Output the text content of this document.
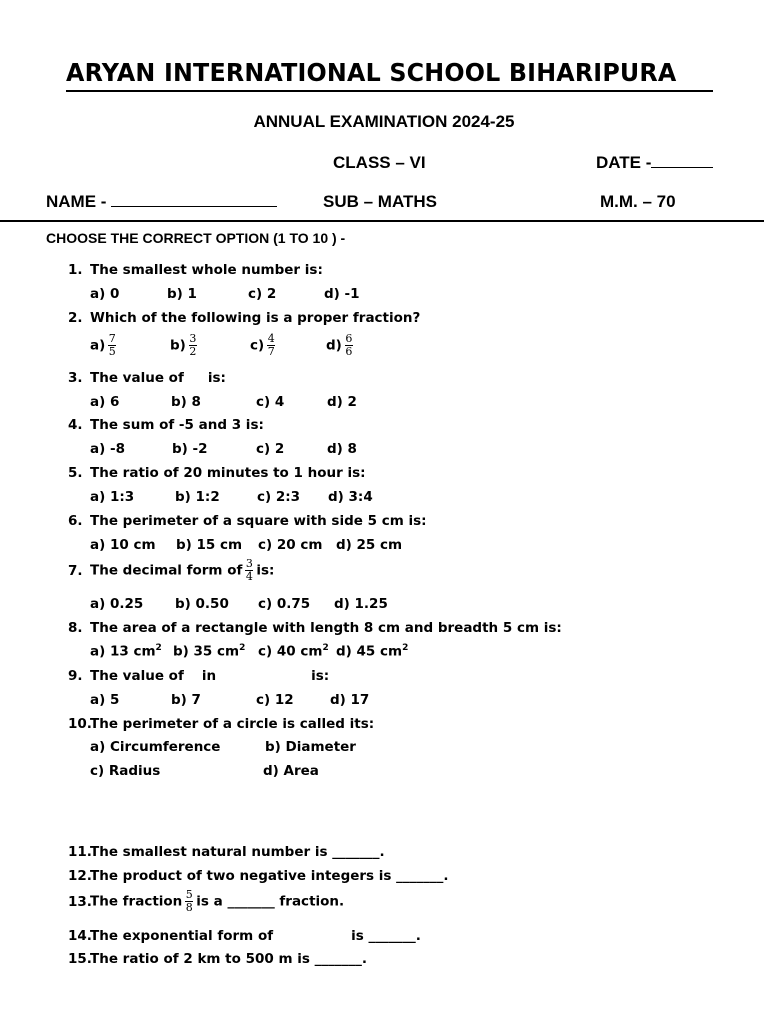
ARYAN INTERNATIONAL SCHOOL BIHARIPURA
ANNUAL EXAMINATION 2024-25
CLASS – VI	DATE -
NAME -	SUB – MATHS	M.M. – 70
CHOOSE THE CORRECT OPTION (1 TO 10 ) -
1. The smallest whole number is:
a) 0	b) 1	c) 2	d) -1
2. Which of the following is a proper fraction?
$a) \frac{7}{5}$	$b) \frac{3}{2}$	$c) \frac{4}{7}$	$d) \frac{6}{6}$
3. The value of is:
a) 6	b) 8	c) 4	d) 2
4. The sum of -5 and 3 is:
a) -8	b) -2	c) 2	d) 8
5. The ratio of 20 minutes to 1 hour is:
a) 1:3	b) 1:2	c) 2:3 d) 3:4
6. The perimeter of a square with side 5 cm is:
a) 10 cm b) 15 cm c) 20 cm d) 25 cm
7. The decimal form of $\frac{3}{4}$ is:
a) 0.25 b) 0.50 c) 0.75 d) 1.25
8. The area of a rectangle with length 8 cm and breadth 5 cm is:
a) 13 $cm^2$ b) 35 $cm^2$ c) 40 $cm^2$ d) 45 $cm^2$
9. The value of in	is:
a) 5	b) 7	c) 12	d) 17
10.The perimeter of a circle is called its:
a) Circumference	b) Diameter
c) Radius	d) Area
11.The smallest natural number is _______.
12.The product of two negative integers is _______.
13.The fraction $\frac{5}{8}$ is a _______ fraction.
14.The exponential form of	is _______.
15.The ratio of 2 km to 500 m is _______.
